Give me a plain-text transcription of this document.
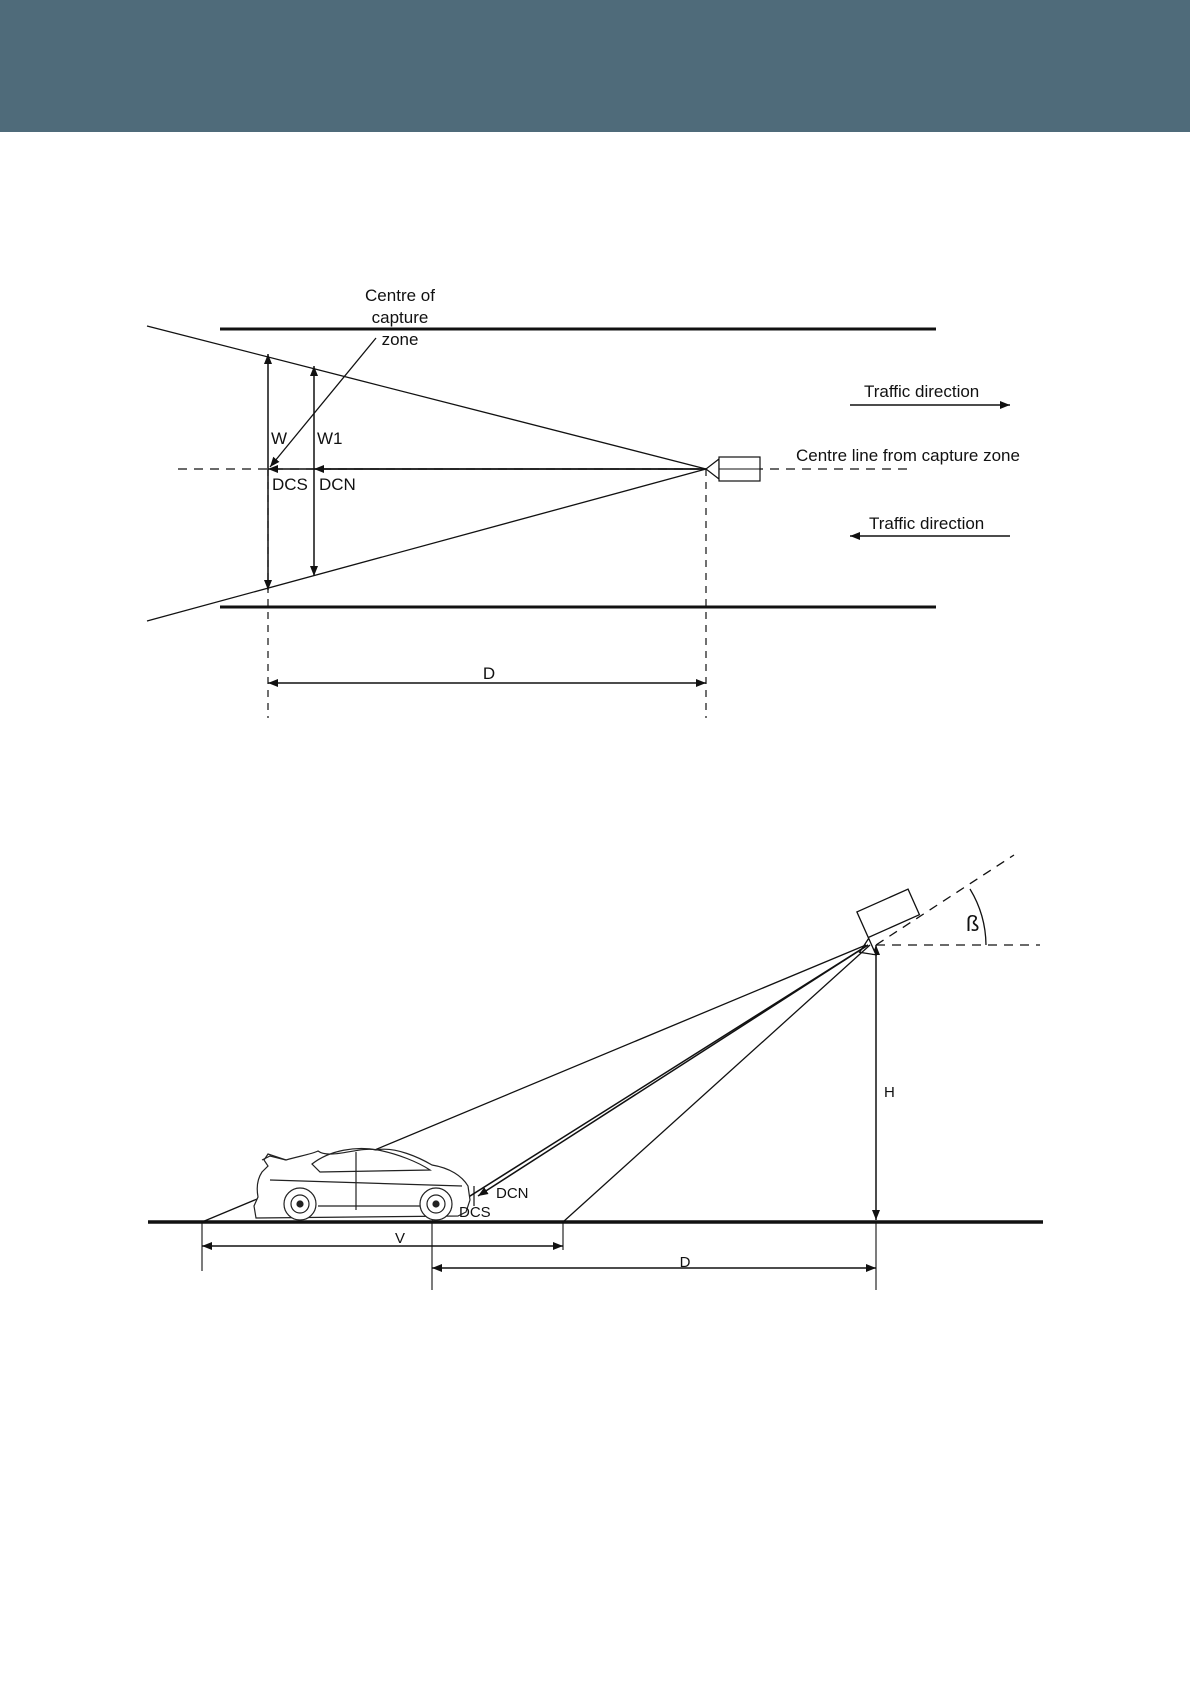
Centre of
capture
zone
W W1
DCS DCN
Traffic direction
Centre line from capture zone
Traffic direction
D
ß
H
DCN
DCS
V
D
